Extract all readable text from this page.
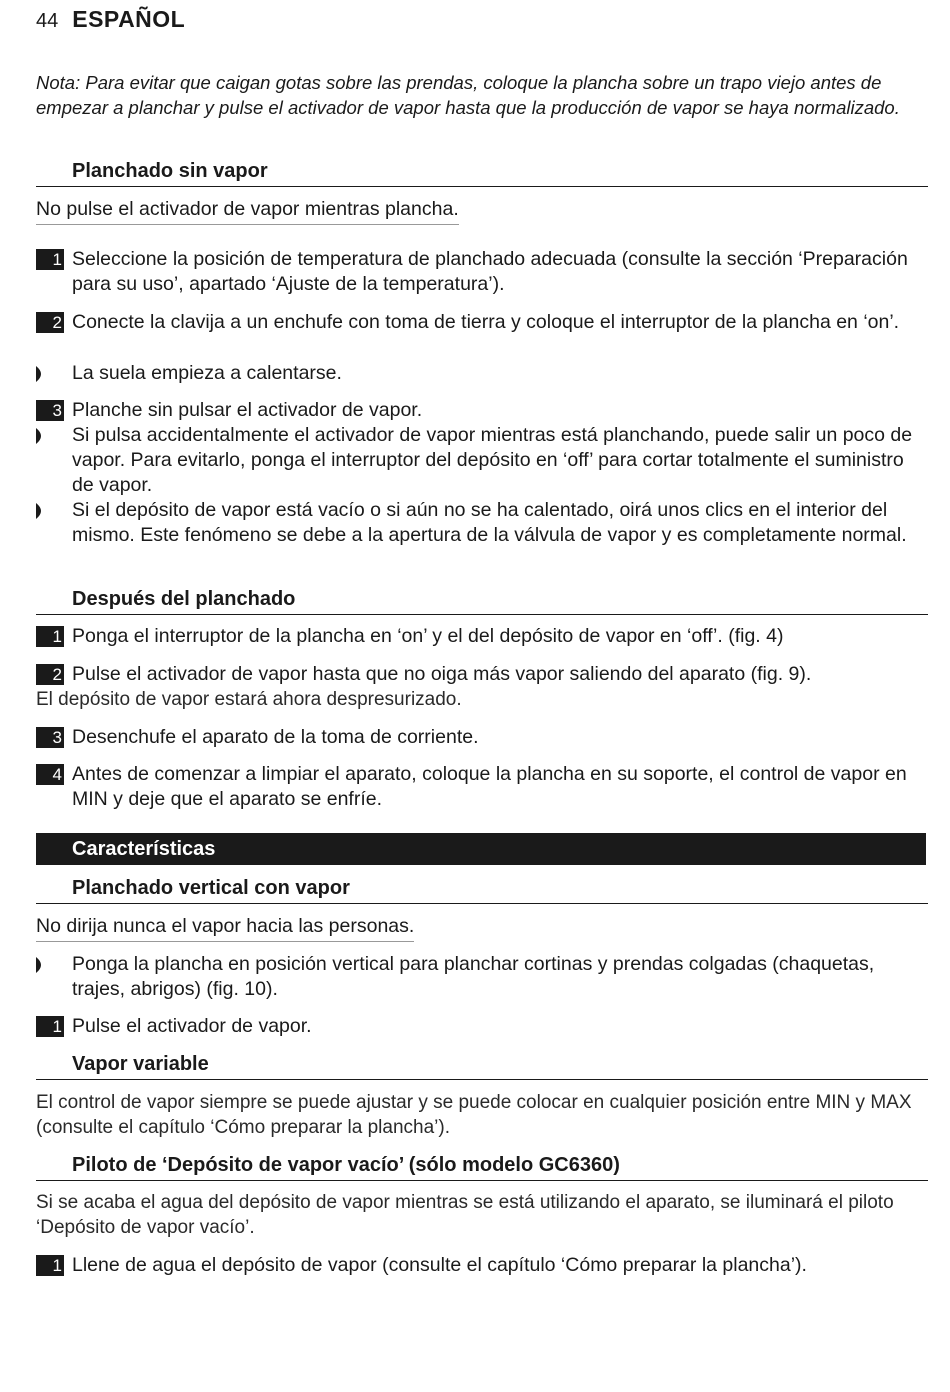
44 ESPAÑOL
Nota: Para evitar que caigan gotas sobre las prendas, coloque la plancha sobre un trapo viejo antes de empezar a planchar y pulse el activador de vapor hasta que la producción de vapor se haya normalizado.
Planchado sin vapor
No pulse el activador de vapor mientras plancha.
1 Seleccione la posición de temperatura de planchado adecuada (consulte la sección ‘Preparación para su uso’, apartado ‘Ajuste de la temperatura’).
2 Conecte la clavija a un enchufe con toma de tierra y coloque el interruptor de la plancha en ‘on’.
La suela empieza a calentarse.
3 Planche sin pulsar el activador de vapor.
Si pulsa accidentalmente el activador de vapor mientras está planchando, puede salir un poco de vapor. Para evitarlo, ponga el interruptor del depósito en ‘off’ para cortar totalmente el suministro de vapor.
Si el depósito de vapor está vacío o si aún no se ha calentado, oirá unos clics en el interior del mismo. Este fenómeno se debe a la apertura de la válvula de vapor y es completamente normal.
Después del planchado
1 Ponga el interruptor de la plancha en ‘on’ y el del depósito de vapor en ‘off’. (fig. 4)
2 Pulse el activador de vapor hasta que no oiga más vapor saliendo del aparato (fig. 9).
El depósito de vapor estará ahora despresurizado.
3 Desenchufe el aparato de la toma de corriente.
4 Antes de comenzar a limpiar el aparato, coloque la plancha en su soporte, el control de vapor en MIN y deje que el aparato se enfríe.
Características
Planchado vertical con vapor
No dirija nunca el vapor hacia las personas.
Ponga la plancha en posición vertical para planchar cortinas y prendas colgadas (chaquetas, trajes, abrigos) (fig. 10).
1 Pulse el activador de vapor.
Vapor variable
El control de vapor siempre se puede ajustar y se puede colocar en cualquier posición entre MIN y MAX (consulte el capítulo ‘Cómo preparar la plancha’).
Piloto de ‘Depósito de vapor vacío’ (sólo modelo GC6360)
Si se acaba el agua del depósito de vapor mientras se está utilizando el aparato, se iluminará el piloto ‘Depósito de vapor vacío’.
1 Llene de agua el depósito de vapor (consulte el capítulo ‘Cómo preparar la plancha’).
